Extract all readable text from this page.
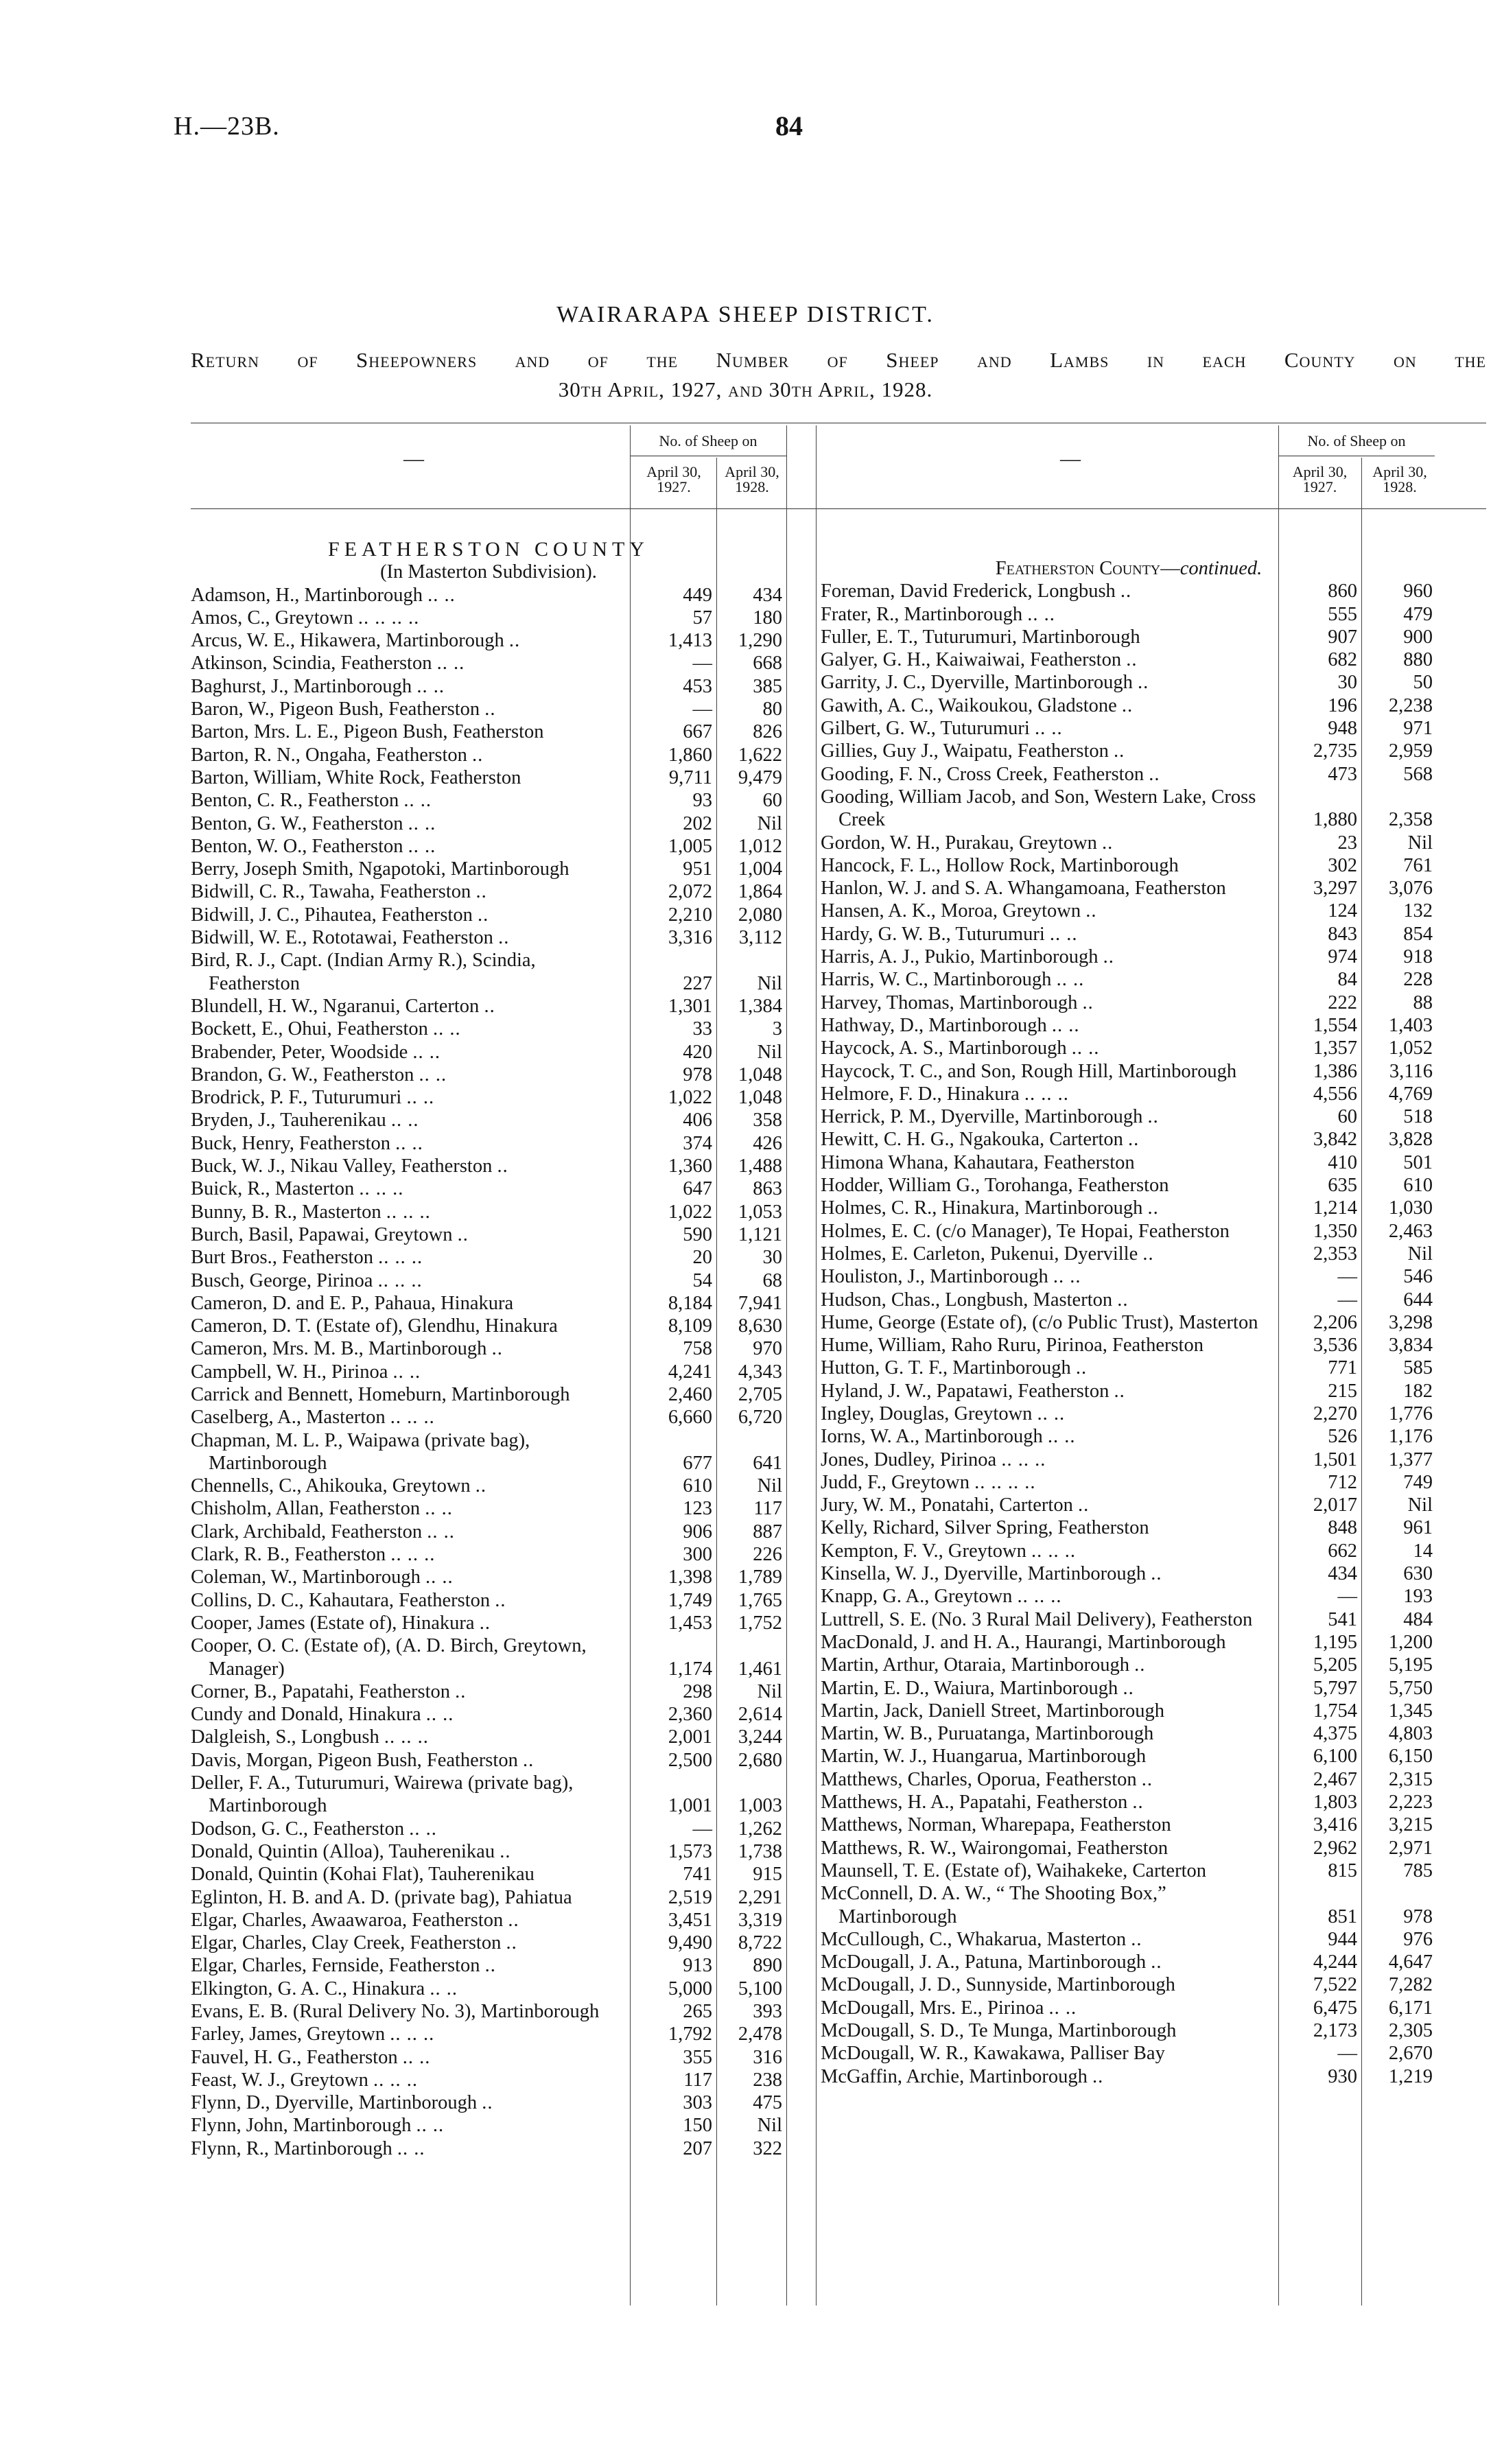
H.—23B.	84
WAIRARAPA SHEEP DISTRICT.
Return of Sheepowners and of the Number of Sheep and Lambs in each County on the
30th April, 1927, and 30th April, 1928.
—
No. of Sheep on
April 30, 1927.
April 30, 1928.
—
No. of Sheep on
April 30, 1927.
April 30, 1928.
FEATHERSTON COUNTY
(In Masterton Subdivision).
Adamson, H., Martinborough .. ..	449	434
Amos, C., Greytown .. .. .. ..	57	180
Arcus, W. E., Hikawera, Martinborough ..	1,413	1,290
Atkinson, Scindia, Featherston .. ..	—	668
Baghurst, J., Martinborough .. ..	453	385
Baron, W., Pigeon Bush, Featherston ..	—	80
Barton, Mrs. L. E., Pigeon Bush, Featherston	667	826
Barton, R. N., Ongaha, Featherston ..	1,860	1,622
Barton, William, White Rock, Featherston	9,711	9,479
Benton, C. R., Featherston .. ..	93	60
Benton, G. W., Featherston .. ..	202	Nil
Benton, W. O., Featherston .. ..	1,005	1,012
Berry, Joseph Smith, Ngapotoki, Martinborough	951	1,004
Bidwill, C. R., Tawaha, Featherston ..	2,072	1,864
Bidwill, J. C., Pihautea, Featherston ..	2,210	2,080
Bidwill, W. E., Rototawai, Featherston ..	3,316	3,112
Bird, R. J., Capt. (Indian Army R.), Scindia, Featherston	227	Nil
Blundell, H. W., Ngaranui, Carterton ..	1,301	1,384
Bockett, E., Ohui, Featherston .. ..	33	3
Brabender, Peter, Woodside .. ..	420	Nil
Brandon, G. W., Featherston .. ..	978	1,048
Brodrick, P. F., Tuturumuri .. ..	1,022	1,048
Bryden, J., Tauherenikau .. ..	406	358
Buck, Henry, Featherston .. ..	374	426
Buck, W. J., Nikau Valley, Featherston ..	1,360	1,488
Buick, R., Masterton .. .. ..	647	863
Bunny, B. R., Masterton .. .. ..	1,022	1,053
Burch, Basil, Papawai, Greytown ..	590	1,121
Burt Bros., Featherston .. .. ..	20	30
Busch, George, Pirinoa .. .. ..	54	68
Cameron, D. and E. P., Pahaua, Hinakura	8,184	7,941
Cameron, D. T. (Estate of), Glendhu, Hinakura	8,109	8,630
Cameron, Mrs. M. B., Martinborough ..	758	970
Campbell, W. H., Pirinoa .. ..	4,241	4,343
Carrick and Bennett, Homeburn, Martinborough	2,460	2,705
Caselberg, A., Masterton .. .. ..	6,660	6,720
Chapman, M. L. P., Waipawa (private bag), Martinborough	677	641
Chennells, C., Ahikouka, Greytown ..	610	Nil
Chisholm, Allan, Featherston .. ..	123	117
Clark, Archibald, Featherston .. ..	906	887
Clark, R. B., Featherston .. .. ..	300	226
Coleman, W., Martinborough .. ..	1,398	1,789
Collins, D. C., Kahautara, Featherston ..	1,749	1,765
Cooper, James (Estate of), Hinakura ..	1,453	1,752
Cooper, O. C. (Estate of), (A. D. Birch, Greytown, Manager)	1,174	1,461
Corner, B., Papatahi, Featherston ..	298	Nil
Cundy and Donald, Hinakura .. ..	2,360	2,614
Dalgleish, S., Longbush .. .. ..	2,001	3,244
Davis, Morgan, Pigeon Bush, Featherston ..	2,500	2,680
Deller, F. A., Tuturumuri, Wairewa (private bag), Martinborough	1,001	1,003
Dodson, G. C., Featherston .. ..	—	1,262
Donald, Quintin (Alloa), Tauherenikau ..	1,573	1,738
Donald, Quintin (Kohai Flat), Tauherenikau	741	915
Eglinton, H. B. and A. D. (private bag), Pahiatua	2,519	2,291
Elgar, Charles, Awaawaroa, Featherston ..	3,451	3,319
Elgar, Charles, Clay Creek, Featherston ..	9,490	8,722
Elgar, Charles, Fernside, Featherston ..	913	890
Elkington, G. A. C., Hinakura .. ..	5,000	5,100
Evans, E. B. (Rural Delivery No. 3), Martinborough	265	393
Farley, James, Greytown .. .. ..	1,792	2,478
Fauvel, H. G., Featherston .. ..	355	316
Feast, W. J., Greytown .. .. ..	117	238
Flynn, D., Dyerville, Martinborough ..	303	475
Flynn, John, Martinborough .. ..	150	Nil
Flynn, R., Martinborough .. ..	207	322
Featherston County—continued.
Foreman, David Frederick, Longbush ..	860	960
Frater, R., Martinborough .. ..	555	479
Fuller, E. T., Tuturumuri, Martinborough	907	900
Galyer, G. H., Kaiwaiwai, Featherston ..	682	880
Garrity, J. C., Dyerville, Martinborough ..	30	50
Gawith, A. C., Waikoukou, Gladstone ..	196	2,238
Gilbert, G. W., Tuturumuri .. ..	948	971
Gillies, Guy J., Waipatu, Featherston ..	2,735	2,959
Gooding, F. N., Cross Creek, Featherston ..	473	568
Gooding, William Jacob, and Son, Western Lake, Cross Creek	1,880	2,358
Gordon, W. H., Purakau, Greytown ..	23	Nil
Hancock, F. L., Hollow Rock, Martinborough	302	761
Hanlon, W. J. and S. A. Whangamoana, Featherston	3,297	3,076
Hansen, A. K., Moroa, Greytown ..	124	132
Hardy, G. W. B., Tuturumuri .. ..	843	854
Harris, A. J., Pukio, Martinborough ..	974	918
Harris, W. C., Martinborough .. ..	84	228
Harvey, Thomas, Martinborough ..	222	88
Hathway, D., Martinborough .. ..	1,554	1,403
Haycock, A. S., Martinborough .. ..	1,357	1,052
Haycock, T. C., and Son, Rough Hill, Martinborough	1,386	3,116
Helmore, F. D., Hinakura .. .. ..	4,556	4,769
Herrick, P. M., Dyerville, Martinborough ..	60	518
Hewitt, C. H. G., Ngakouka, Carterton ..	3,842	3,828
Himona Whana, Kahautara, Featherston	410	501
Hodder, William G., Torohanga, Featherston	635	610
Holmes, C. R., Hinakura, Martinborough ..	1,214	1,030
Holmes, E. C. (c/o Manager), Te Hopai, Featherston	1,350	2,463
Holmes, E. Carleton, Pukenui, Dyerville ..	2,353	Nil
Houliston, J., Martinborough .. ..	—	546
Hudson, Chas., Longbush, Masterton ..	—	644
Hume, George (Estate of), (c/o Public Trust), Masterton	2,206	3,298
Hume, William, Raho Ruru, Pirinoa, Featherston	3,536	3,834
Hutton, G. T. F., Martinborough ..	771	585
Hyland, J. W., Papatawi, Featherston ..	215	182
Ingley, Douglas, Greytown .. ..	2,270	1,776
Iorns, W. A., Martinborough .. ..	526	1,176
Jones, Dudley, Pirinoa .. .. ..	1,501	1,377
Judd, F., Greytown .. .. .. ..	712	749
Jury, W. M., Ponatahi, Carterton ..	2,017	Nil
Kelly, Richard, Silver Spring, Featherston	848	961
Kempton, F. V., Greytown .. .. ..	662	14
Kinsella, W. J., Dyerville, Martinborough ..	434	630
Knapp, G. A., Greytown .. .. ..	—	193
Luttrell, S. E. (No. 3 Rural Mail Delivery), Featherston	541	484
MacDonald, J. and H. A., Haurangi, Martinborough	1,195	1,200
Martin, Arthur, Otaraia, Martinborough ..	5,205	5,195
Martin, E. D., Waiura, Martinborough ..	5,797	5,750
Martin, Jack, Daniell Street, Martinborough	1,754	1,345
Martin, W. B., Puruatanga, Martinborough	4,375	4,803
Martin, W. J., Huangarua, Martinborough	6,100	6,150
Matthews, Charles, Oporua, Featherston ..	2,467	2,315
Matthews, H. A., Papatahi, Featherston ..	1,803	2,223
Matthews, Norman, Wharepapa, Featherston	3,416	3,215
Matthews, R. W., Wairongomai, Featherston	2,962	2,971
Maunsell, T. E. (Estate of), Waihakeke, Carterton	815	785
McConnell, D. A. W., “ The Shooting Box,” Martinborough	851	978
McCullough, C., Whakarua, Masterton ..	944	976
McDougall, J. A., Patuna, Martinborough ..	4,244	4,647
McDougall, J. D., Sunnyside, Martinborough	7,522	7,282
McDougall, Mrs. E., Pirinoa .. ..	6,475	6,171
McDougall, S. D., Te Munga, Martinborough	2,173	2,305
McDougall, W. R., Kawakawa, Palliser Bay	—	2,670
McGaffin, Archie, Martinborough ..	930	1,219
